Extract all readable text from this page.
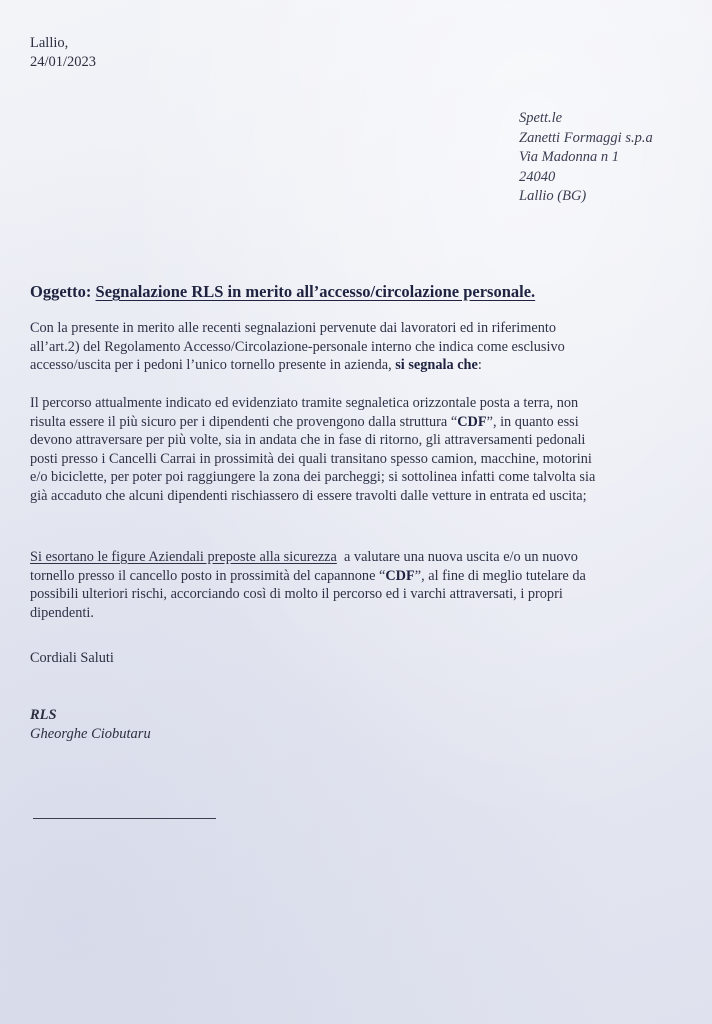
Lallio,
24/01/2023
Spett.le
Zanetti Formaggi s.p.a
Via Madonna n 1
24040
Lallio (BG)
Oggetto: Segnalazione RLS in merito all’accesso/circolazione personale.
Con la presente in merito alle recenti segnalazioni pervenute dai lavoratori ed in riferimento
all’art.2) del Regolamento Accesso/Circolazione-personale interno che indica come esclusivo
accesso/uscita per i pedoni l’unico tornello presente in azienda, si segnala che:
Il percorso attualmente indicato ed evidenziato tramite segnaletica orizzontale posta a terra, non
risulta essere il più sicuro per i dipendenti che provengono dalla struttura “CDF”, in quanto essi
devono attraversare per più volte, sia in andata che in fase di ritorno, gli attraversamenti pedonali
posti presso i Cancelli Carrai in prossimità dei quali transitano spesso camion, macchine, motorini
e/o biciclette, per poter poi raggiungere la zona dei parcheggi; si sottolinea infatti come talvolta sia
già accaduto che alcuni dipendenti rischiassero di essere travolti dalle vetture in entrata ed uscita;
Si esortano le figure Aziendali preposte alla sicurezza  a valutare una nuova uscita e/o un nuovo
tornello presso il cancello posto in prossimità del capannone “CDF”, al fine di meglio tutelare da
possibili ulteriori rischi, accorciando così di molto il percorso ed i varchi attraversati, i propri
dipendenti.
Cordiali Saluti
RLS
Gheorghe Ciobutaru
